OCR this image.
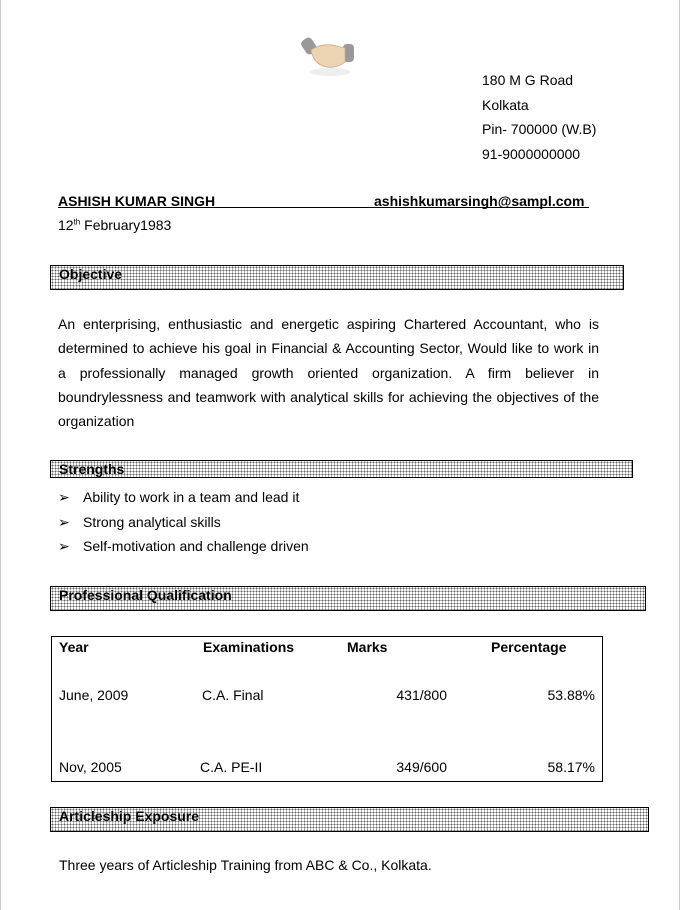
180 M G Road
Kolkata
Pin- 700000 (W.B)
91-9000000000
ASHISH KUMAR SINGH	ashishkumarsingh@sampl.com
12th February1983
Objective
An enterprising, enthusiastic and energetic aspiring Chartered Accountant, who is determined to achieve his goal in Financial & Accounting Sector, Would like to work in a professionally managed growth oriented organization. A firm believer in boundrylessness and teamwork with analytical skills for achieving the objectives of the organization
Strengths
➢ Ability to work in a team and lead it
➢ Strong analytical skills
➢ Self-motivation and challenge driven
Professional Qualification
Year	Examinations	Marks	Percentage
June, 2009	C.A. Final	431/800	53.88%
Nov, 2005	C.A. PE-II	349/600	58.17%
Articleship Exposure
Three years of Articleship Training from ABC & Co., Kolkata.
